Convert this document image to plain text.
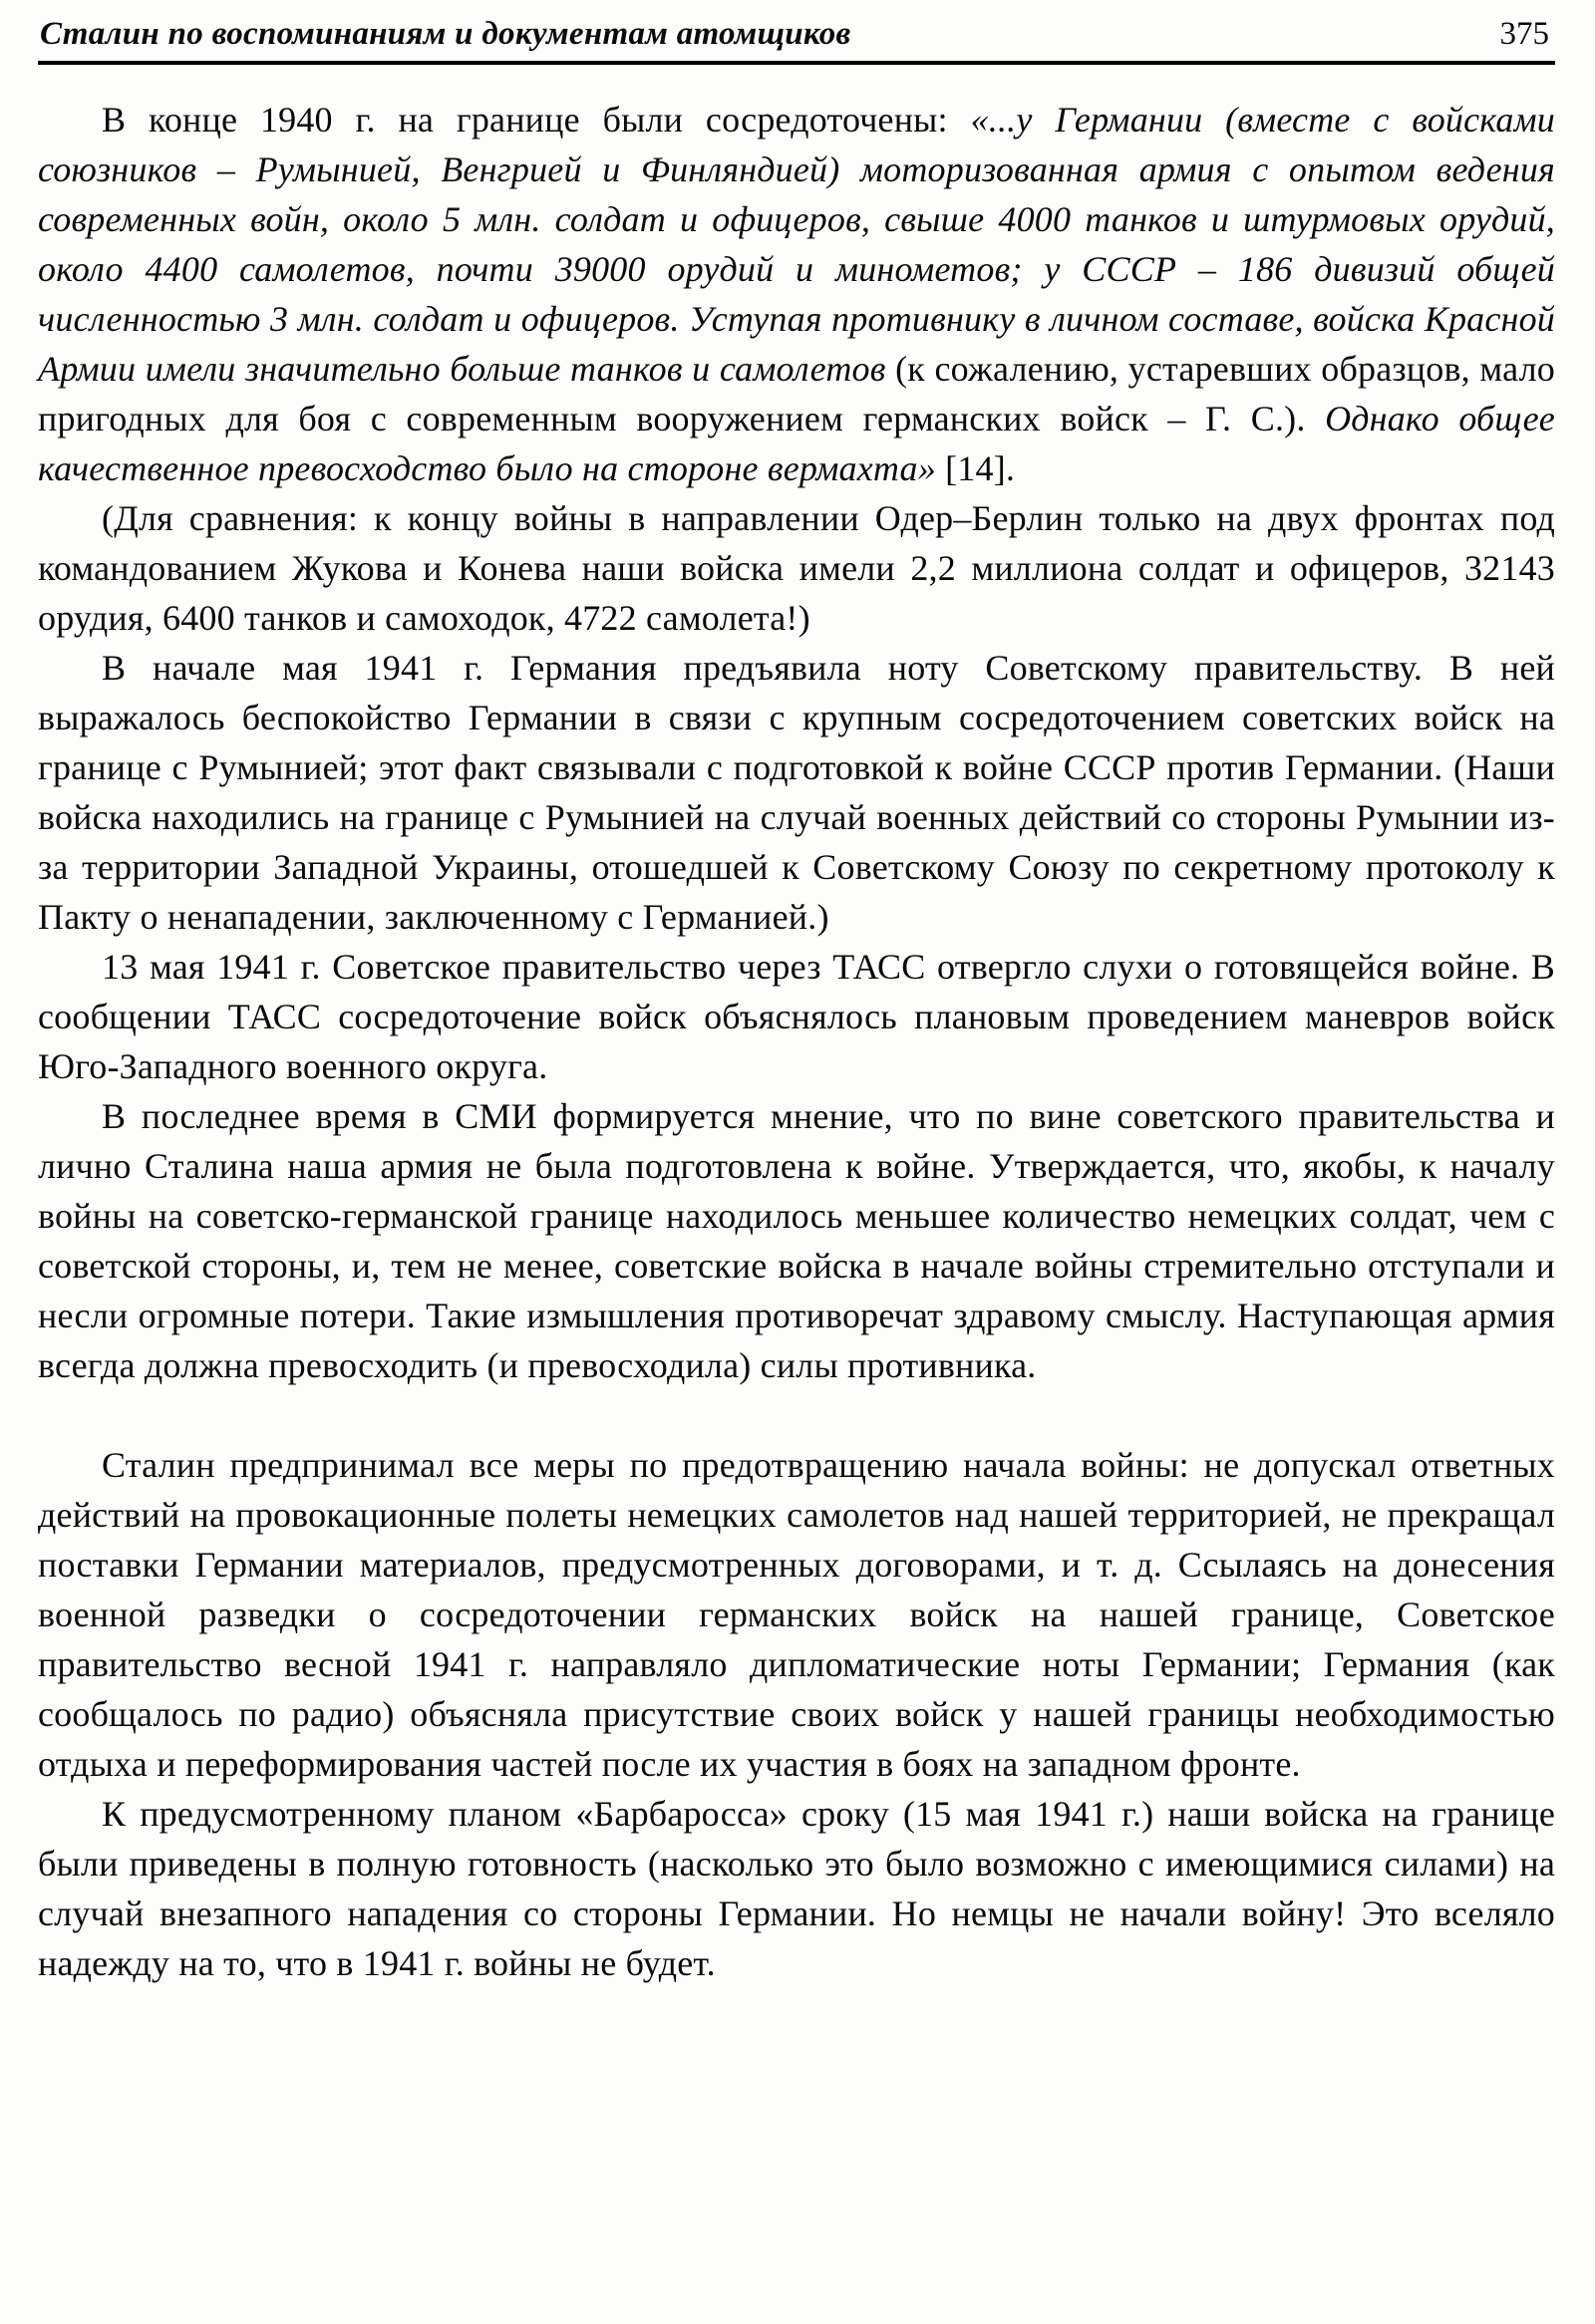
Сталин по воспоминаниям и документам атомщиков	375

В конце 1940 г. на границе были сосредоточены: «...у Германии (вместе с войсками союзников – Румынией, Венгрией и Финляндией) моторизованная армия с опытом ведения современных войн, около 5 млн. солдат и офицеров, свыше 4000 танков и штурмовых орудий, около 4400 самолетов, почти 39000 орудий и минометов; у СССР – 186 дивизий общей численностью 3 млн. солдат и офицеров. Уступая противнику в личном составе, войска Красной Армии имели значительно больше танков и самолетов (к сожалению, устаревших образцов, мало пригодных для боя с современным вооружением германских войск – Г. С.). Однако общее качественное превосходство было на стороне вермахта» [14].

(Для сравнения: к концу войны в направлении Одер–Берлин только на двух фронтах под командованием Жукова и Конева наши войска имели 2,2 миллиона солдат и офицеров, 32143 орудия, 6400 танков и самоходок, 4722 самолета!)

В начале мая 1941 г. Германия предъявила ноту Советскому правительству. В ней выражалось беспокойство Германии в связи с крупным сосредоточением советских войск на границе с Румынией; этот факт связывали с подготовкой к войне СССР против Германии. (Наши войска находились на границе с Румынией на случай военных действий со стороны Румынии из-за территории Западной Украины, отошедшей к Советскому Союзу по секретному протоколу к Пакту о ненападении, заключенному с Германией.)

13 мая 1941 г. Советское правительство через ТАСС отвергло слухи о готовящейся войне. В сообщении ТАСС сосредоточение войск объяснялось плановым проведением маневров войск Юго-Западного военного округа.

В последнее время в СМИ формируется мнение, что по вине советского правительства и лично Сталина наша армия не была подготовлена к войне. Утверждается, что, якобы, к началу войны на советско-германской границе находилось меньшее количество немецких солдат, чем с советской стороны, и, тем не менее, советские войска в начале войны стремительно отступали и несли огромные потери. Такие измышления противоречат здравому смыслу. Наступающая армия всегда должна превосходить (и превосходила) силы противника.

Сталин предпринимал все меры по предотвращению начала войны: не допускал ответных действий на провокационные полеты немецких самолетов над нашей территорией, не прекращал поставки Германии материалов, предусмотренных договорами, и т. д. Ссылаясь на донесения военной разведки о сосредоточении германских войск на нашей границе, Советское правительство весной 1941 г. направляло дипломатические ноты Германии; Германия (как сообщалось по радио) объясняла присутствие своих войск у нашей границы необходимостью отдыха и переформирования частей после их участия в боях на западном фронте.

К предусмотренному планом «Барбаросса» сроку (15 мая 1941 г.) наши войска на границе были приведены в полную готовность (насколько это было возможно с имеющимися силами) на случай внезапного нападения со стороны Германии. Но немцы не начали войну! Это вселяло надежду на то, что в 1941 г. войны не будет.
